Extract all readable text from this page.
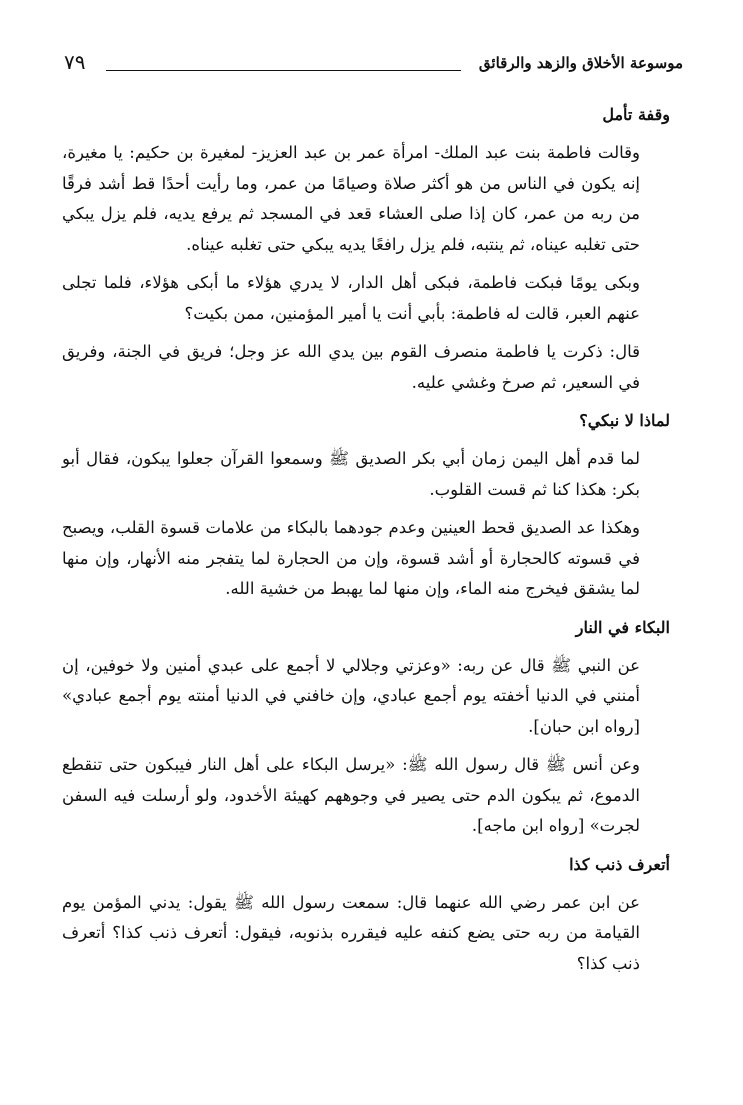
موسوعة الأخلاق والزهد والرقائق
٧٩
وقفة تأمل

وقالت فاطمة بنت عبد الملك- امرأة عمر بن عبد العزيز- لمغيرة بن حكيم: يا مغيرة، إنه يكون في الناس من هو أكثر صلاة وصيامًا من عمر، وما رأيت أحدًا قط أشد فرقًا من ربه من عمر، كان إذا صلى العشاء قعد في المسجد ثم يرفع يديه، فلم يزل يبكي حتى تغلبه عيناه، ثم ينتبه، فلم يزل رافعًا يديه يبكي حتى تغلبه عيناه.

وبكى يومًا فبكت فاطمة، فبكى أهل الدار، لا يدري هؤلاء ما أبكى هؤلاء، فلما تجلى عنهم العبر، قالت له فاطمة: بأبي أنت يا أمير المؤمنين، ممن بكيت؟

قال: ذكرت يا فاطمة منصرف القوم بين يدي الله عز وجل؛ فريق في الجنة، وفريق في السعير، ثم صرخ وغشي عليه.

لماذا لا نبكي؟

لما قدم أهل اليمن زمان أبي بكر الصديق ﷺ وسمعوا القرآن جعلوا يبكون، فقال أبو بكر: هكذا كنا ثم قست القلوب.

وهكذا عد الصديق قحط العينين وعدم جودهما بالبكاء من علامات قسوة القلب، ويصبح في قسوته كالحجارة أو أشد قسوة، وإن من الحجارة لما يتفجر منه الأنهار، وإن منها لما يشقق فيخرج منه الماء، وإن منها لما يهبط من خشية الله.

البكاء في النار

عن النبي ﷺ قال عن ربه: «وعزتي وجلالي لا أجمع على عبدي أمنين ولا خوفين، إن أمنني في الدنيا أخفته يوم أجمع عبادي، وإن خافني في الدنيا أمنته يوم أجمع عبادي» [رواه ابن حبان].

وعن أنس ﷺ قال رسول الله ﷺ: «يرسل البكاء على أهل النار فيبكون حتى تنقطع الدموع، ثم يبكون الدم حتى يصير في وجوههم كهيئة الأخدود، ولو أرسلت فيه السفن لجرت» [رواه ابن ماجه].

أتعرف ذنب كذا

عن ابن عمر رضي الله عنهما قال: سمعت رسول الله ﷺ يقول: يدني المؤمن يوم القيامة من ربه حتى يضع كنفه عليه فيقرره بذنوبه، فيقول: أتعرف ذنب كذا؟ أتعرف ذنب كذا؟
